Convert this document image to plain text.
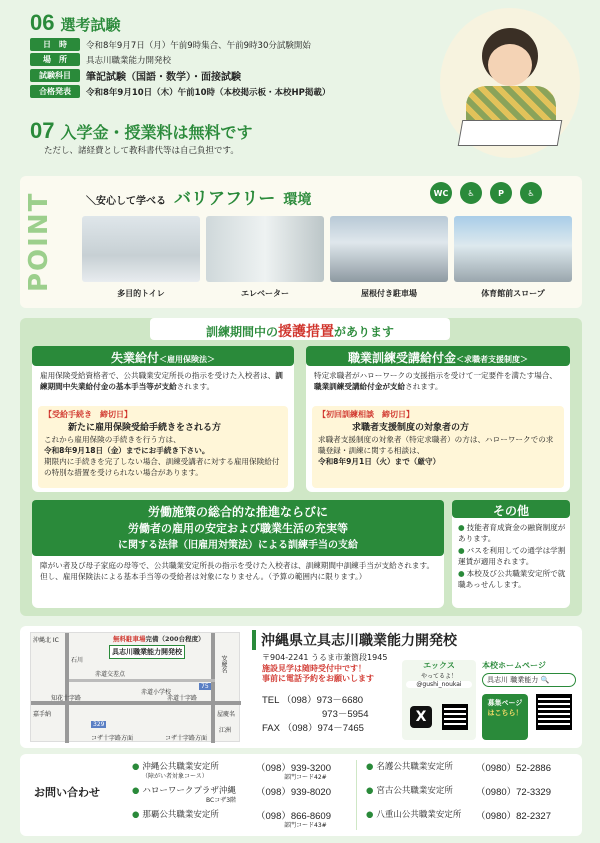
06 選考試験
日　時	令和8年9月7日（月）午前9時集合、午前9時30分試験開始
場　所	具志川職業能力開発校
試験科目	筆記試験（国語・数学）・面接試験
合格発表	令和8年9月10日（木）午前10時（本校掲示板・本校HP掲載）
07 入学金・授業料は無料です
ただし、諸経費として教科書代等は自己負担です。
POINT	＼安心して学べる バリアフリー 環境	WC	♿	P	♿
多目的トイレ	エレベーター	屋根付き駐車場	体育館前スロープ
訓練期間中の援護措置があります
失業給付＜雇用保険法＞
雇用保険受給資格者で、公共職業安定所長の指示を受けた入校者は、訓練期間中失業給付金の基本手当等が支給されます。
【受給手続き　締切日】
新たに雇用保険受給手続きをされる方
これから雇用保険の手続きを行う方は、
令和8年9月18日（金）までにお手続き下さい。
期限内に手続きを完了しない場合、訓練受講者に対する雇用保険給付の特別な措置を受けられない場合があります。
職業訓練受講給付金＜求職者支援制度＞
特定求職者がハローワークの支援指示を受けて一定要件を満たす場合、職業訓練受講給付金が支給されます。
【初回訓練相談　締切日】
求職者支援制度の対象者の方
求職者支援制度の対象者（特定求職者）の方は、ハローワークでの求職登録・訓練に関する相談は、
令和8年9月1日（火）まで（厳守）
労働施策の総合的な推進ならびに
労働者の雇用の安定および職業生活の充実等
に関する法律（旧雇用対策法）による訓練手当の支給
障がい者及び母子家庭の母等で、公共職業安定所長の指示を受けた入校者は、訓練期間中訓練手当が支給されます。但し、雇用保険法による基本手当等の受給者は対象になりません。（予算の範囲内に限ります。）
その他
● 技能者育成資金の融資制度があります。
● バスを利用しての通学は学割運賃が適用されます。
● 本校及び公共職業安定所で就職あっせんします。
無料駐車場完備（200台程度）
具志川職業能力開発校
沖縄北 IC
石川	安慶名
赤道交差点
赤道小学校
赤道十字路
知花十字路
75
329
屋慶名
江洲
嘉手納
コザ十字路方面	コザ十字路方面
沖縄県立具志川職業能力開発校
〒904-2241 うるま市兼箇段1945
施設見学は随時受付中です！
事前に電話予約をお願いします
TEL （098）973－6680
973－5954
FAX （098）974－7465
エックス
やってるよ！
@gushi_noukai
X
本校ホームページ
具志川 職業能力 🔍
募集ページ
はこちら！
お問い合わせ
● 沖縄公共職業安定所
（障がい者対象コース）
（098）939-3200
部門コード42#
● ハローワークプラザ沖縄
BCコザ3階
（098）939-8020
● 那覇公共職業安定所	（098）866-8609
部門コード43#
● 名護公共職業安定所 （0980）52-2886
● 宮古公共職業安定所 （0980）72-3329
● 八重山公共職業安定所 （0980）82-2327
